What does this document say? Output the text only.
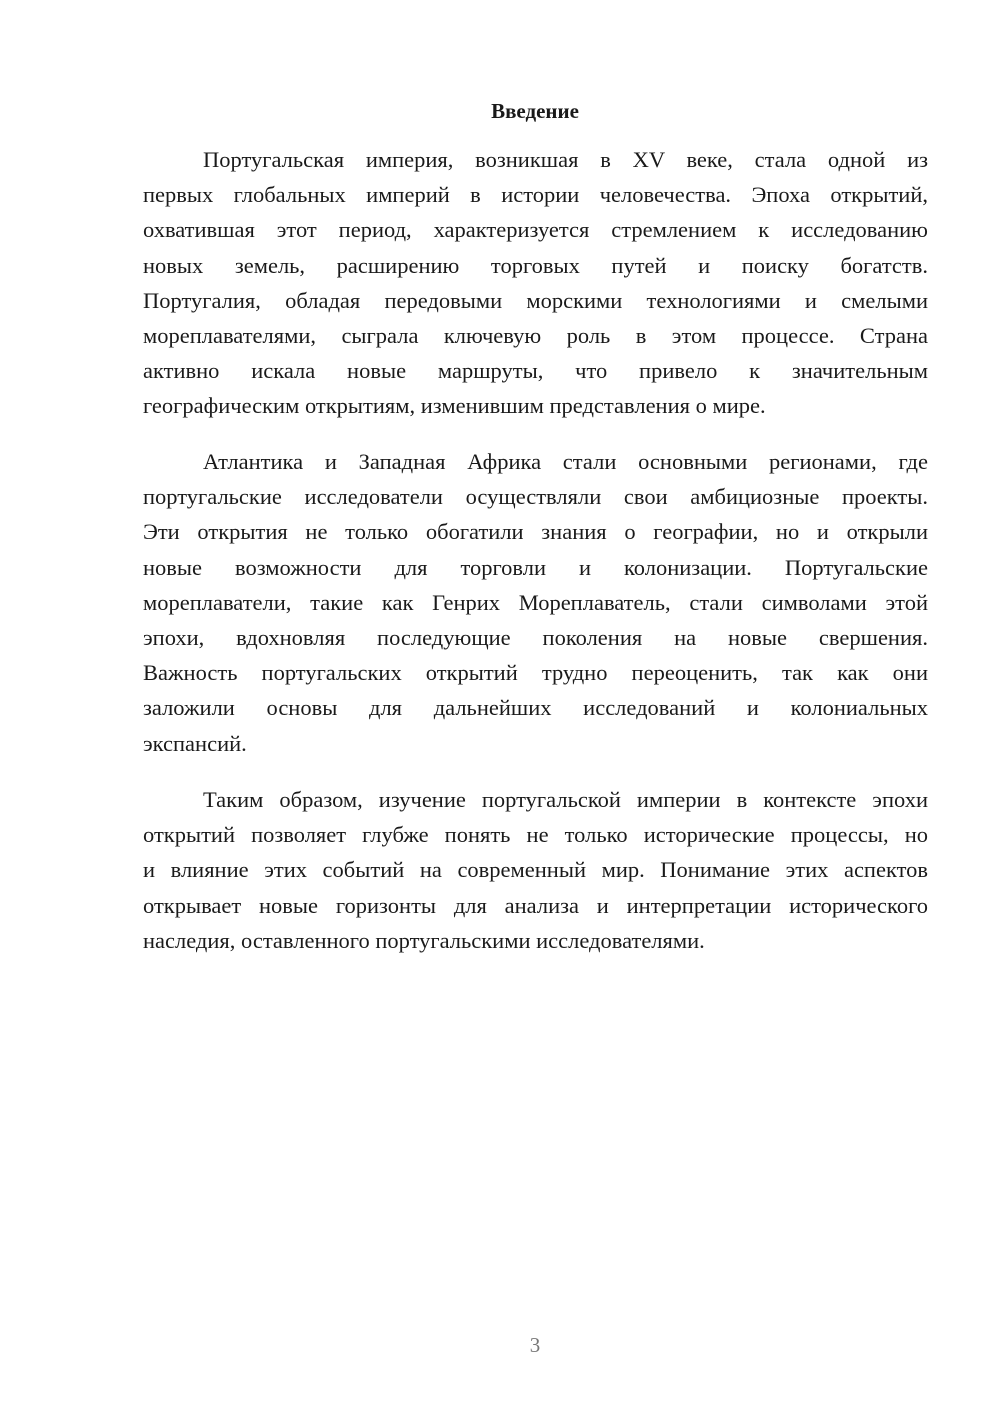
Введение
Португальская империя, возникшая в XV веке, стала одной из
первых глобальных империй в истории человечества. Эпоха открытий,
охватившая этот период, характеризуется стремлением к исследованию
новых земель, расширению торговых путей и поиску богатств.
Португалия, обладая передовыми морскими технологиями и смелыми
мореплавателями, сыграла ключевую роль в этом процессе. Страна
активно искала новые маршруты, что привело к значительным
географическим открытиям, изменившим представления о мире.
Атлантика и Западная Африка стали основными регионами, где
португальские исследователи осуществляли свои амбициозные проекты.
Эти открытия не только обогатили знания о географии, но и открыли
новые возможности для торговли и колонизации. Португальские
мореплаватели, такие как Генрих Мореплаватель, стали символами этой
эпохи, вдохновляя последующие поколения на новые свершения.
Важность португальских открытий трудно переоценить, так как они
заложили основы для дальнейших исследований и колониальных
экспансий.
Таким образом, изучение португальской империи в контексте эпохи
открытий позволяет глубже понять не только исторические процессы, но
и влияние этих событий на современный мир. Понимание этих аспектов
открывает новые горизонты для анализа и интерпретации исторического
наследия, оставленного португальскими исследователями.
3
